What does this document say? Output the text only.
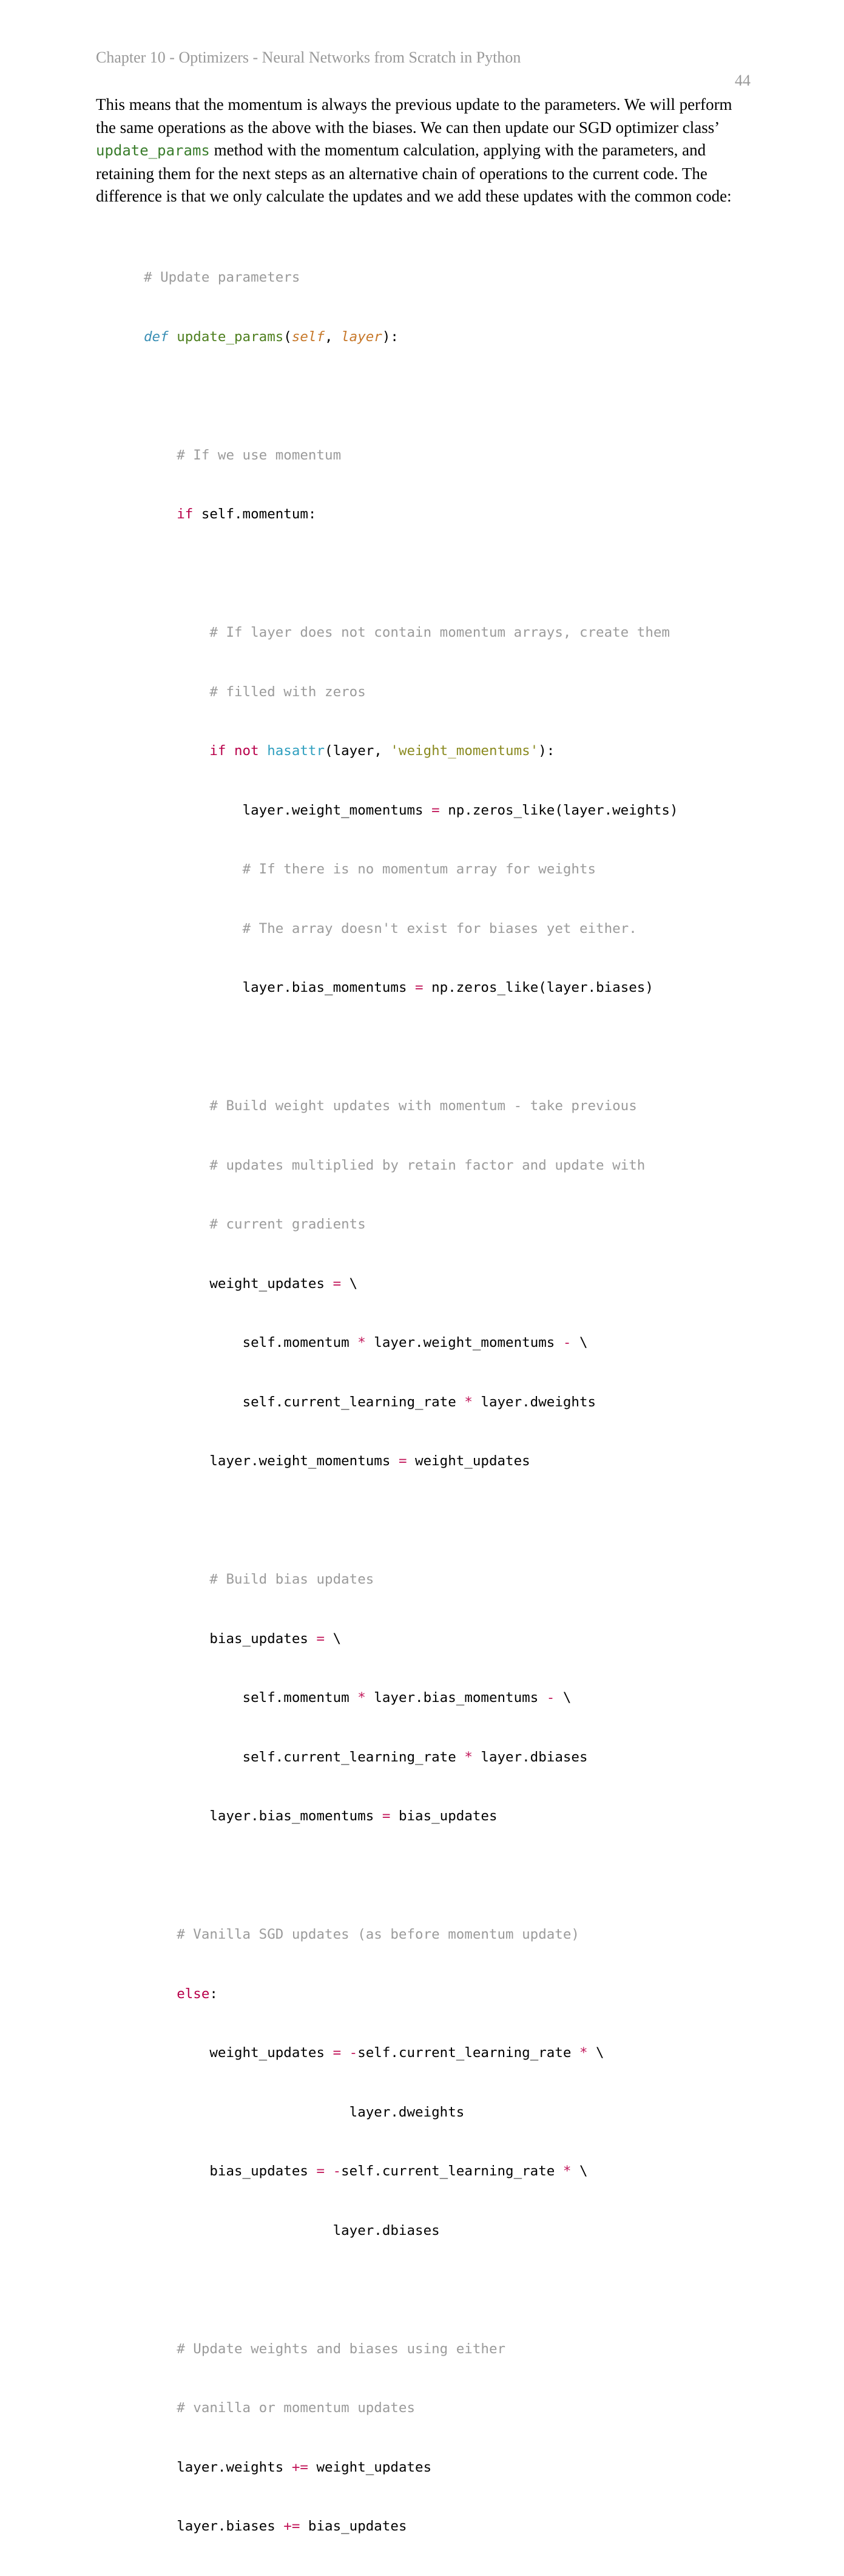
Chapter 10 - Optimizers - Neural Networks from Scratch in Python
44
This means that the momentum is always the previous update to the parameters. We will perform
the same operations as the above with the biases. We can then update our SGD optimizer class’
update_params method with the momentum calculation, applying with the parameters, and
retaining them for the next steps as an alternative chain of operations to the current code. The
difference is that we only calculate the updates and we add these updates with the common code:

# Update parameters

def update_params(self, layer):

# If we use momentum

if self.momentum:

# If layer does not contain momentum arrays, create them

# filled with zeros

if not hasattr(layer, 'weight_momentums'):

layer.weight_momentums = np.zeros_like(layer.weights)

# If there is no momentum array for weights

# The array doesn't exist for biases yet either.

layer.bias_momentums = np.zeros_like(layer.biases)

# Build weight updates with momentum - take previous

# updates multiplied by retain factor and update with

# current gradients

weight_updates = \

self.momentum * layer.weight_momentums - \

self.current_learning_rate * layer.dweights

layer.weight_momentums = weight_updates

# Build bias updates

bias_updates = \

self.momentum * layer.bias_momentums - \

self.current_learning_rate * layer.dbiases

layer.bias_momentums = bias_updates

# Vanilla SGD updates (as before momentum update)

else:

weight_updates = -self.current_learning_rate * \

layer.dweights

bias_updates = -self.current_learning_rate * \

layer.dbiases

# Update weights and biases using either

# vanilla or momentum updates

layer.weights += weight_updates

layer.biases += bias_updates
